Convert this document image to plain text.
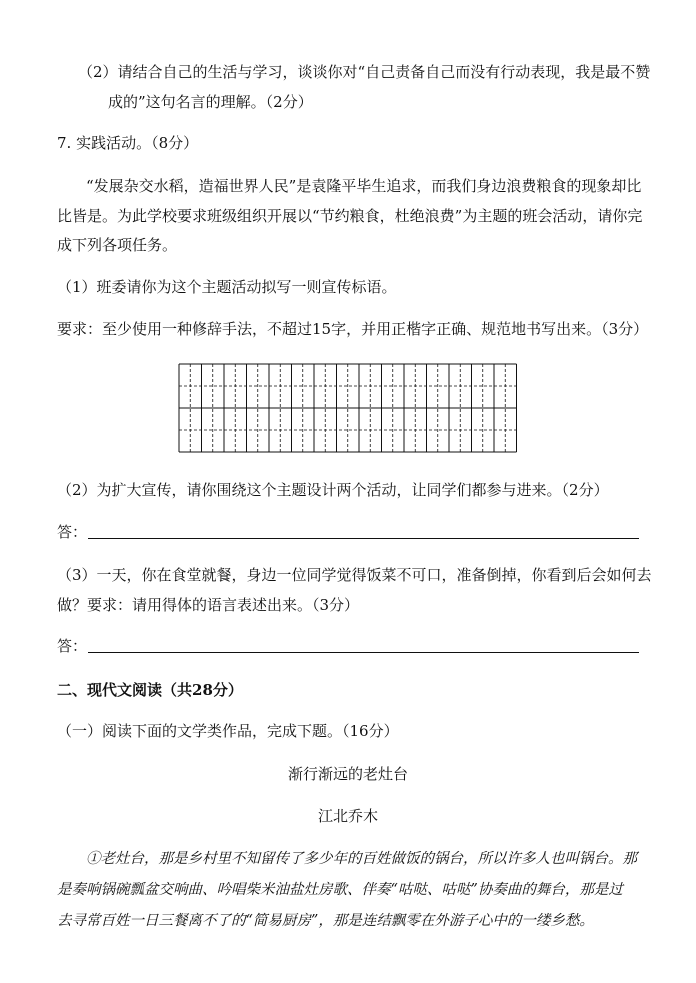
（2）请结合自己的生活与学习，谈谈你对“自己责备自己而没有行动表现，我是最不赞
成的”这句名言的理解。（2分）
7. 实践活动。（8分）
“发展杂交水稻，造福世界人民”是袁隆平毕生追求，而我们身边浪费粮食的现象却比
比皆是。为此学校要求班级组织开展以“节约粮食，杜绝浪费”为主题的班会活动，请你完
成下列各项任务。
（1）班委请你为这个主题活动拟写一则宣传标语。
要求：至少使用一种修辞手法，不超过15字，并用正楷字正确、规范地书写出来。（3分）
（2）为扩大宣传，请你围绕这个主题设计两个活动，让同学们都参与进来。（2分）
答：
（3）一天，你在食堂就餐，身边一位同学觉得饭菜不可口，准备倒掉，你看到后会如何去
做？要求：请用得体的语言表述出来。（3分）
答：
二、现代文阅读（共28分）
（一）阅读下面的文学类作品，完成下题。（16分）
渐行渐远的老灶台
江北乔木
①老灶台，那是乡村里不知留传了多少年的百姓做饭的锅台，所以许多人也叫锅台。那
是奏响锅碗瓢盆交响曲、吟唱柴米油盐灶房歌、伴奏“咕哒、咕哒”协奏曲的舞台，那是过
去寻常百姓一日三餐离不了的“简易厨房”，那是连结飘零在外游子心中的一缕乡愁。
